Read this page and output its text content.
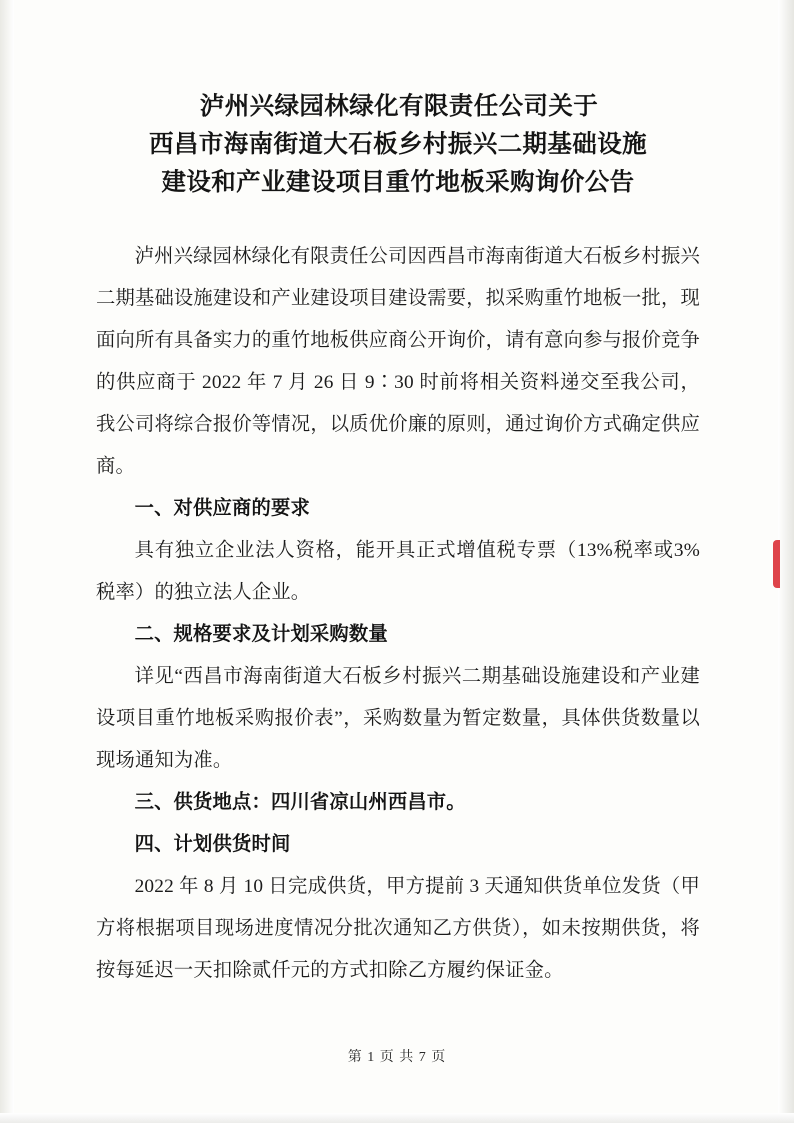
泸州兴绿园林绿化有限责任公司关于
西昌市海南街道大石板乡村振兴二期基础设施
建设和产业建设项目重竹地板采购询价公告

泸州兴绿园林绿化有限责任公司因西昌市海南街道大石板乡村振兴二期基础设施建设和产业建设项目建设需要，拟采购重竹地板一批，现面向所有具备实力的重竹地板供应商公开询价，请有意向参与报价竞争的供应商于 2022 年 7 月 26 日 9∶30 时前将相关资料递交至我公司，我公司将综合报价等情况，以质优价廉的原则，通过询价方式确定供应商。

一、对供应商的要求

具有独立企业法人资格，能开具正式增值税专票（13%税率或3%税率）的独立法人企业。

二、规格要求及计划采购数量

详见“西昌市海南街道大石板乡村振兴二期基础设施建设和产业建设项目重竹地板采购报价表”，采购数量为暂定数量，具体供货数量以现场通知为准。

三、供货地点：四川省凉山州西昌市。
四、计划供货时间

2022 年 8 月 10 日完成供货，甲方提前 3 天通知供货单位发货（甲方将根据项目现场进度情况分批次通知乙方供货），如未按期供货，将按每延迟一天扣除贰仟元的方式扣除乙方履约保证金。

第 1 页 共 7 页
